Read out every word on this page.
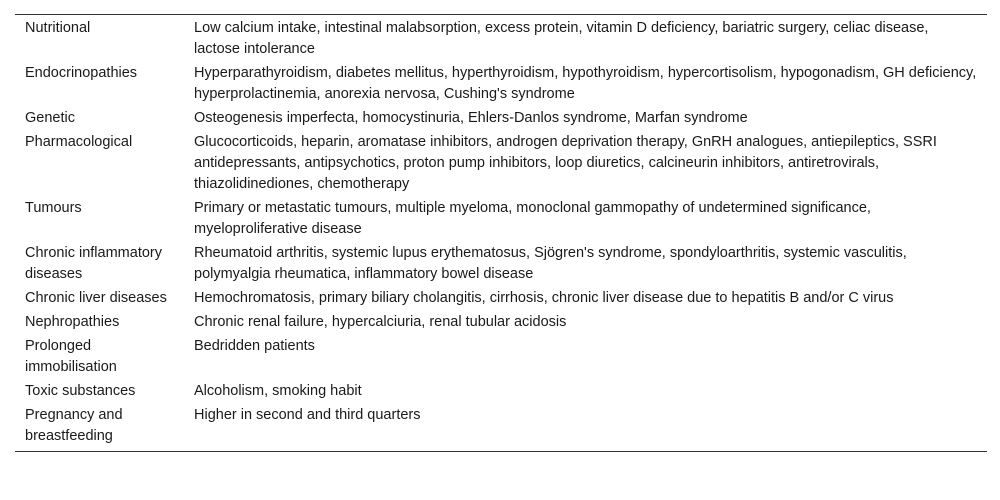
Nutritional	Low calcium intake, intestinal malabsorption, excess protein, vitamin D deficiency, bariatric surgery, celiac disease, lactose intolerance
Endocrinopathies	Hyperparathyroidism, diabetes mellitus, hyperthyroidism, hypothyroidism, hypercortisolism, hypogonadism, GH deficiency, hyperprolactinemia, anorexia nervosa, Cushing's syndrome
Genetic	Osteogenesis imperfecta, homocystinuria, Ehlers-Danlos syndrome, Marfan syndrome
Pharmacological	Glucocorticoids, heparin, aromatase inhibitors, androgen deprivation therapy, GnRH analogues, antiepileptics, SSRI antidepressants, antipsychotics, proton pump inhibitors, loop diuretics, calcineurin inhibitors, antiretrovirals, thiazolidinediones, chemotherapy
Tumours	Primary or metastatic tumours, multiple myeloma, monoclonal gammopathy of undetermined significance, myeloproliferative disease
Chronic inflammatory diseases	Rheumatoid arthritis, systemic lupus erythematosus, Sjögren's syndrome, spondyloarthritis, systemic vasculitis, polymyalgia rheumatica, inflammatory bowel disease
Chronic liver diseases	Hemochromatosis, primary biliary cholangitis, cirrhosis, chronic liver disease due to hepatitis B and/or C virus
Nephropathies	Chronic renal failure, hypercalciuria, renal tubular acidosis
Prolonged immobilisation	Bedridden patients
Toxic substances	Alcoholism, smoking habit
Pregnancy and breastfeeding	Higher in second and third quarters
